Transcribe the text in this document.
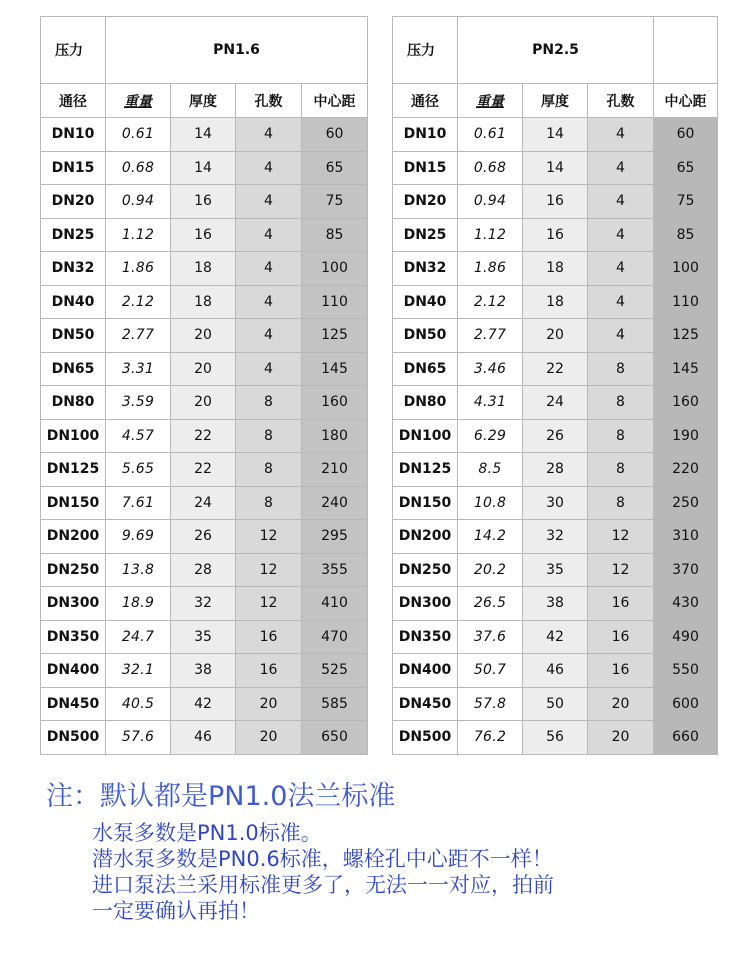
压力	PN1.6			
通径	重量	厚度	孔数	中心距
DN10	0.61	14	4	60
DN15	0.68	14	4	65
DN20	0.94	16	4	75
DN25	1.12	16	4	85
DN32	1.86	18	4	100
DN40	2.12	18	4	110
DN50	2.77	20	4	125
DN65	3.31	20	4	145
DN80	3.59	20	8	160
DN100	4.57	22	8	180
DN125	5.65	22	8	210
DN150	7.61	24	8	240
DN200	9.69	26	12	295
DN250	13.8	28	12	355
DN300	18.9	32	12	410
DN350	24.7	35	16	470
DN400	32.1	38	16	525
DN450	40.5	42	20	585
DN500	57.6	46	20	650
压力	PN2.5			
通径	重量	厚度	孔数	中心距
DN10	0.61	14	4	60
DN15	0.68	14	4	65
DN20	0.94	16	4	75
DN25	1.12	16	4	85
DN32	1.86	18	4	100
DN40	2.12	18	4	110
DN50	2.77	20	4	125
DN65	3.46	22	8	145
DN80	4.31	24	8	160
DN100	6.29	26	8	190
DN125	8.5	28	8	220
DN150	10.8	30	8	250
DN200	14.2	32	12	310
DN250	20.2	35	12	370
DN300	26.5	38	16	430
DN350	37.6	42	16	490
DN400	50.7	46	16	550
DN450	57.8	50	20	600
DN500	76.2	56	20	660
注：默认都是PN1.0法兰标准
水泵多数是PN1.0标准。
潜水泵多数是PN0.6标准，螺栓孔中心距不一样！
进口泵法兰采用标准更多了，无法一一对应，拍前
一定要确认再拍！
